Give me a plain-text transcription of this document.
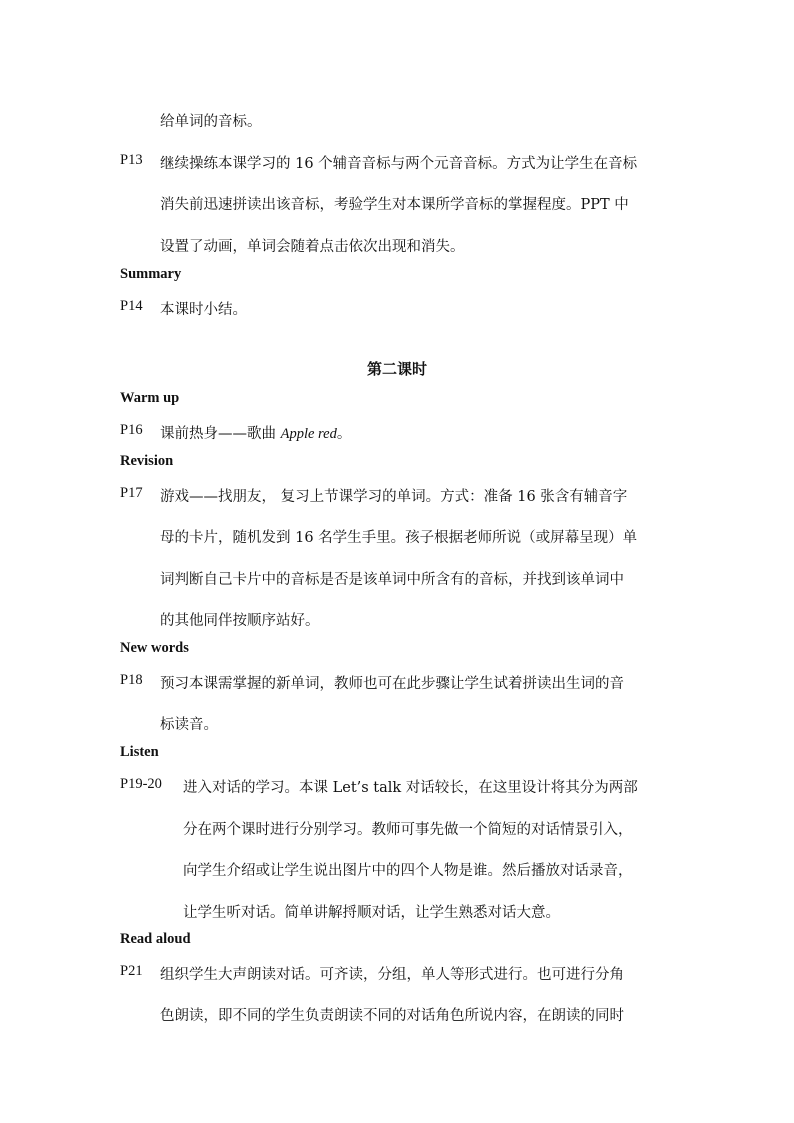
给单词的音标。
P13 继续操练本课学习的 16 个辅音音标与两个元音音标。方式为让学生在音标
消失前迅速拼读出该音标，考验学生对本课所学音标的掌握程度。PPT 中
设置了动画，单词会随着点击依次出现和消失。
Summary
P14 本课时小结。
第二课时
Warm up
P16 课前热身——歌曲 Apple red。
Revision
P17 游戏——找朋友， 复习上节课学习的单词。方式：准备 16 张含有辅音字
母的卡片，随机发到 16 名学生手里。孩子根据老师所说（或屏幕呈现）单
词判断自己卡片中的音标是否是该单词中所含有的音标，并找到该单词中
的其他同伴按顺序站好。
New words
P18 预习本课需掌握的新单词，教师也可在此步骤让学生试着拼读出生词的音
标读音。
Listen
P19-20 进入对话的学习。本课 Let’s talk 对话较长，在这里设计将其分为两部
分在两个课时进行分别学习。教师可事先做一个简短的对话情景引入，
向学生介绍或让学生说出图片中的四个人物是谁。然后播放对话录音，
让学生听对话。简单讲解捋顺对话，让学生熟悉对话大意。
Read aloud
P21 组织学生大声朗读对话。可齐读，分组，单人等形式进行。也可进行分角
色朗读，即不同的学生负责朗读不同的对话角色所说内容，在朗读的同时
